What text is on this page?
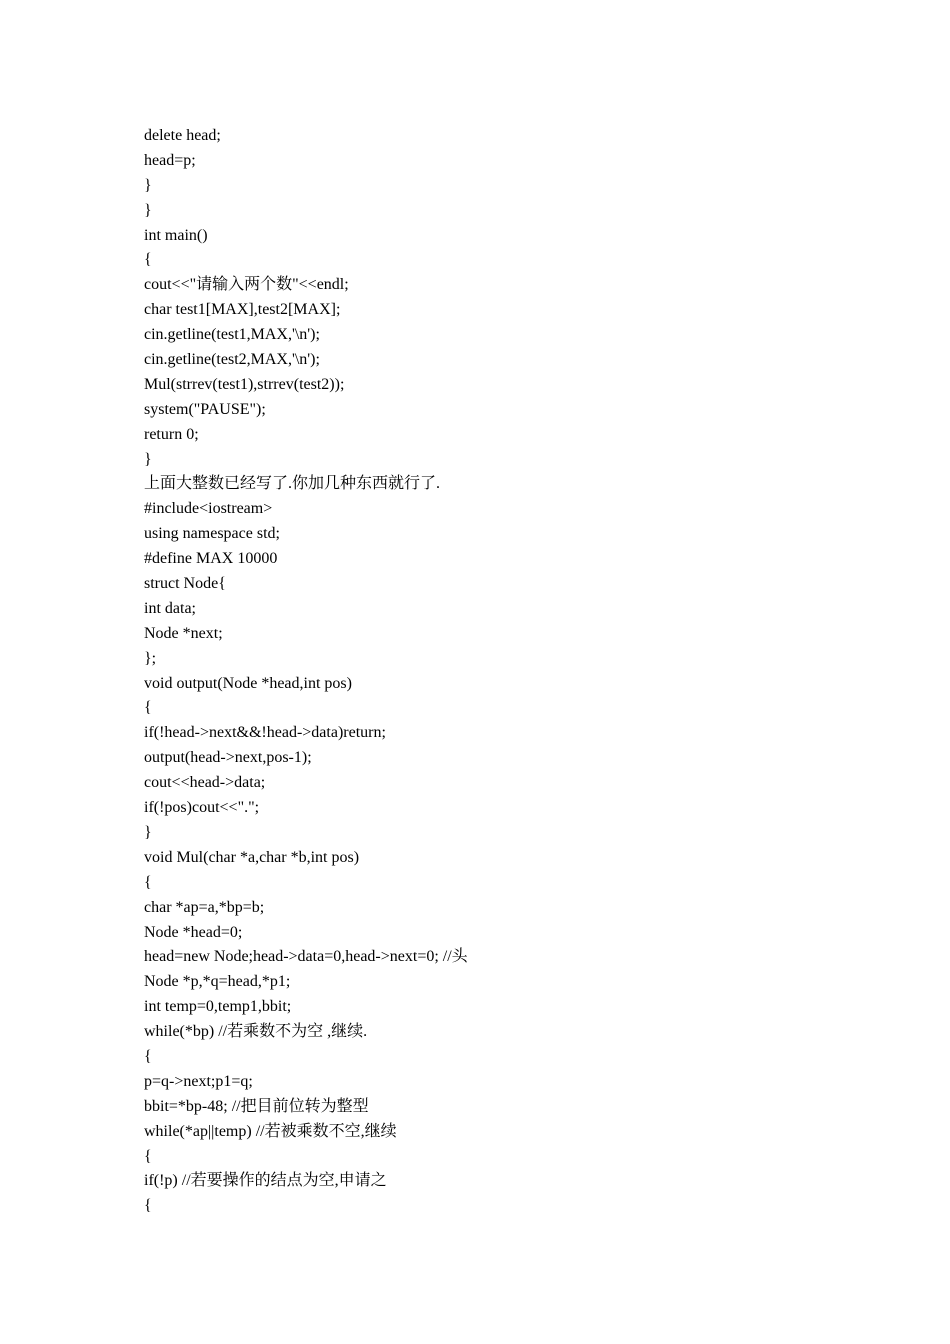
delete head;

head=p;

}

}

int main()

{

cout<<"请输入两个数"<<endl;

char test1[MAX],test2[MAX];

cin.getline(test1,MAX,'\n');

cin.getline(test2,MAX,'\n');

Mul(strrev(test1),strrev(test2));

system("PAUSE");

return 0;

}

上面大整数已经写了.你加几种东西就行了.

#include<iostream>

using namespace std;

#define MAX 10000

struct Node{

int data;

Node *next;

};

void output(Node *head,int pos)

{

if(!head->next&&!head->data)return;

output(head->next,pos-1);

cout<<head->data;

if(!pos)cout<<".";

}

void Mul(char *a,char *b,int pos)

{

char *ap=a,*bp=b;

Node *head=0;

head=new Node;head->data=0,head->next=0; //头

Node *p,*q=head,*p1;

int temp=0,temp1,bbit;

while(*bp) //若乘数不为空 ,继续.

{

p=q->next;p1=q;

bbit=*bp-48; //把目前位转为整型

while(*ap||temp) //若被乘数不空,继续

{

if(!p) //若要操作的结点为空,申请之

{
